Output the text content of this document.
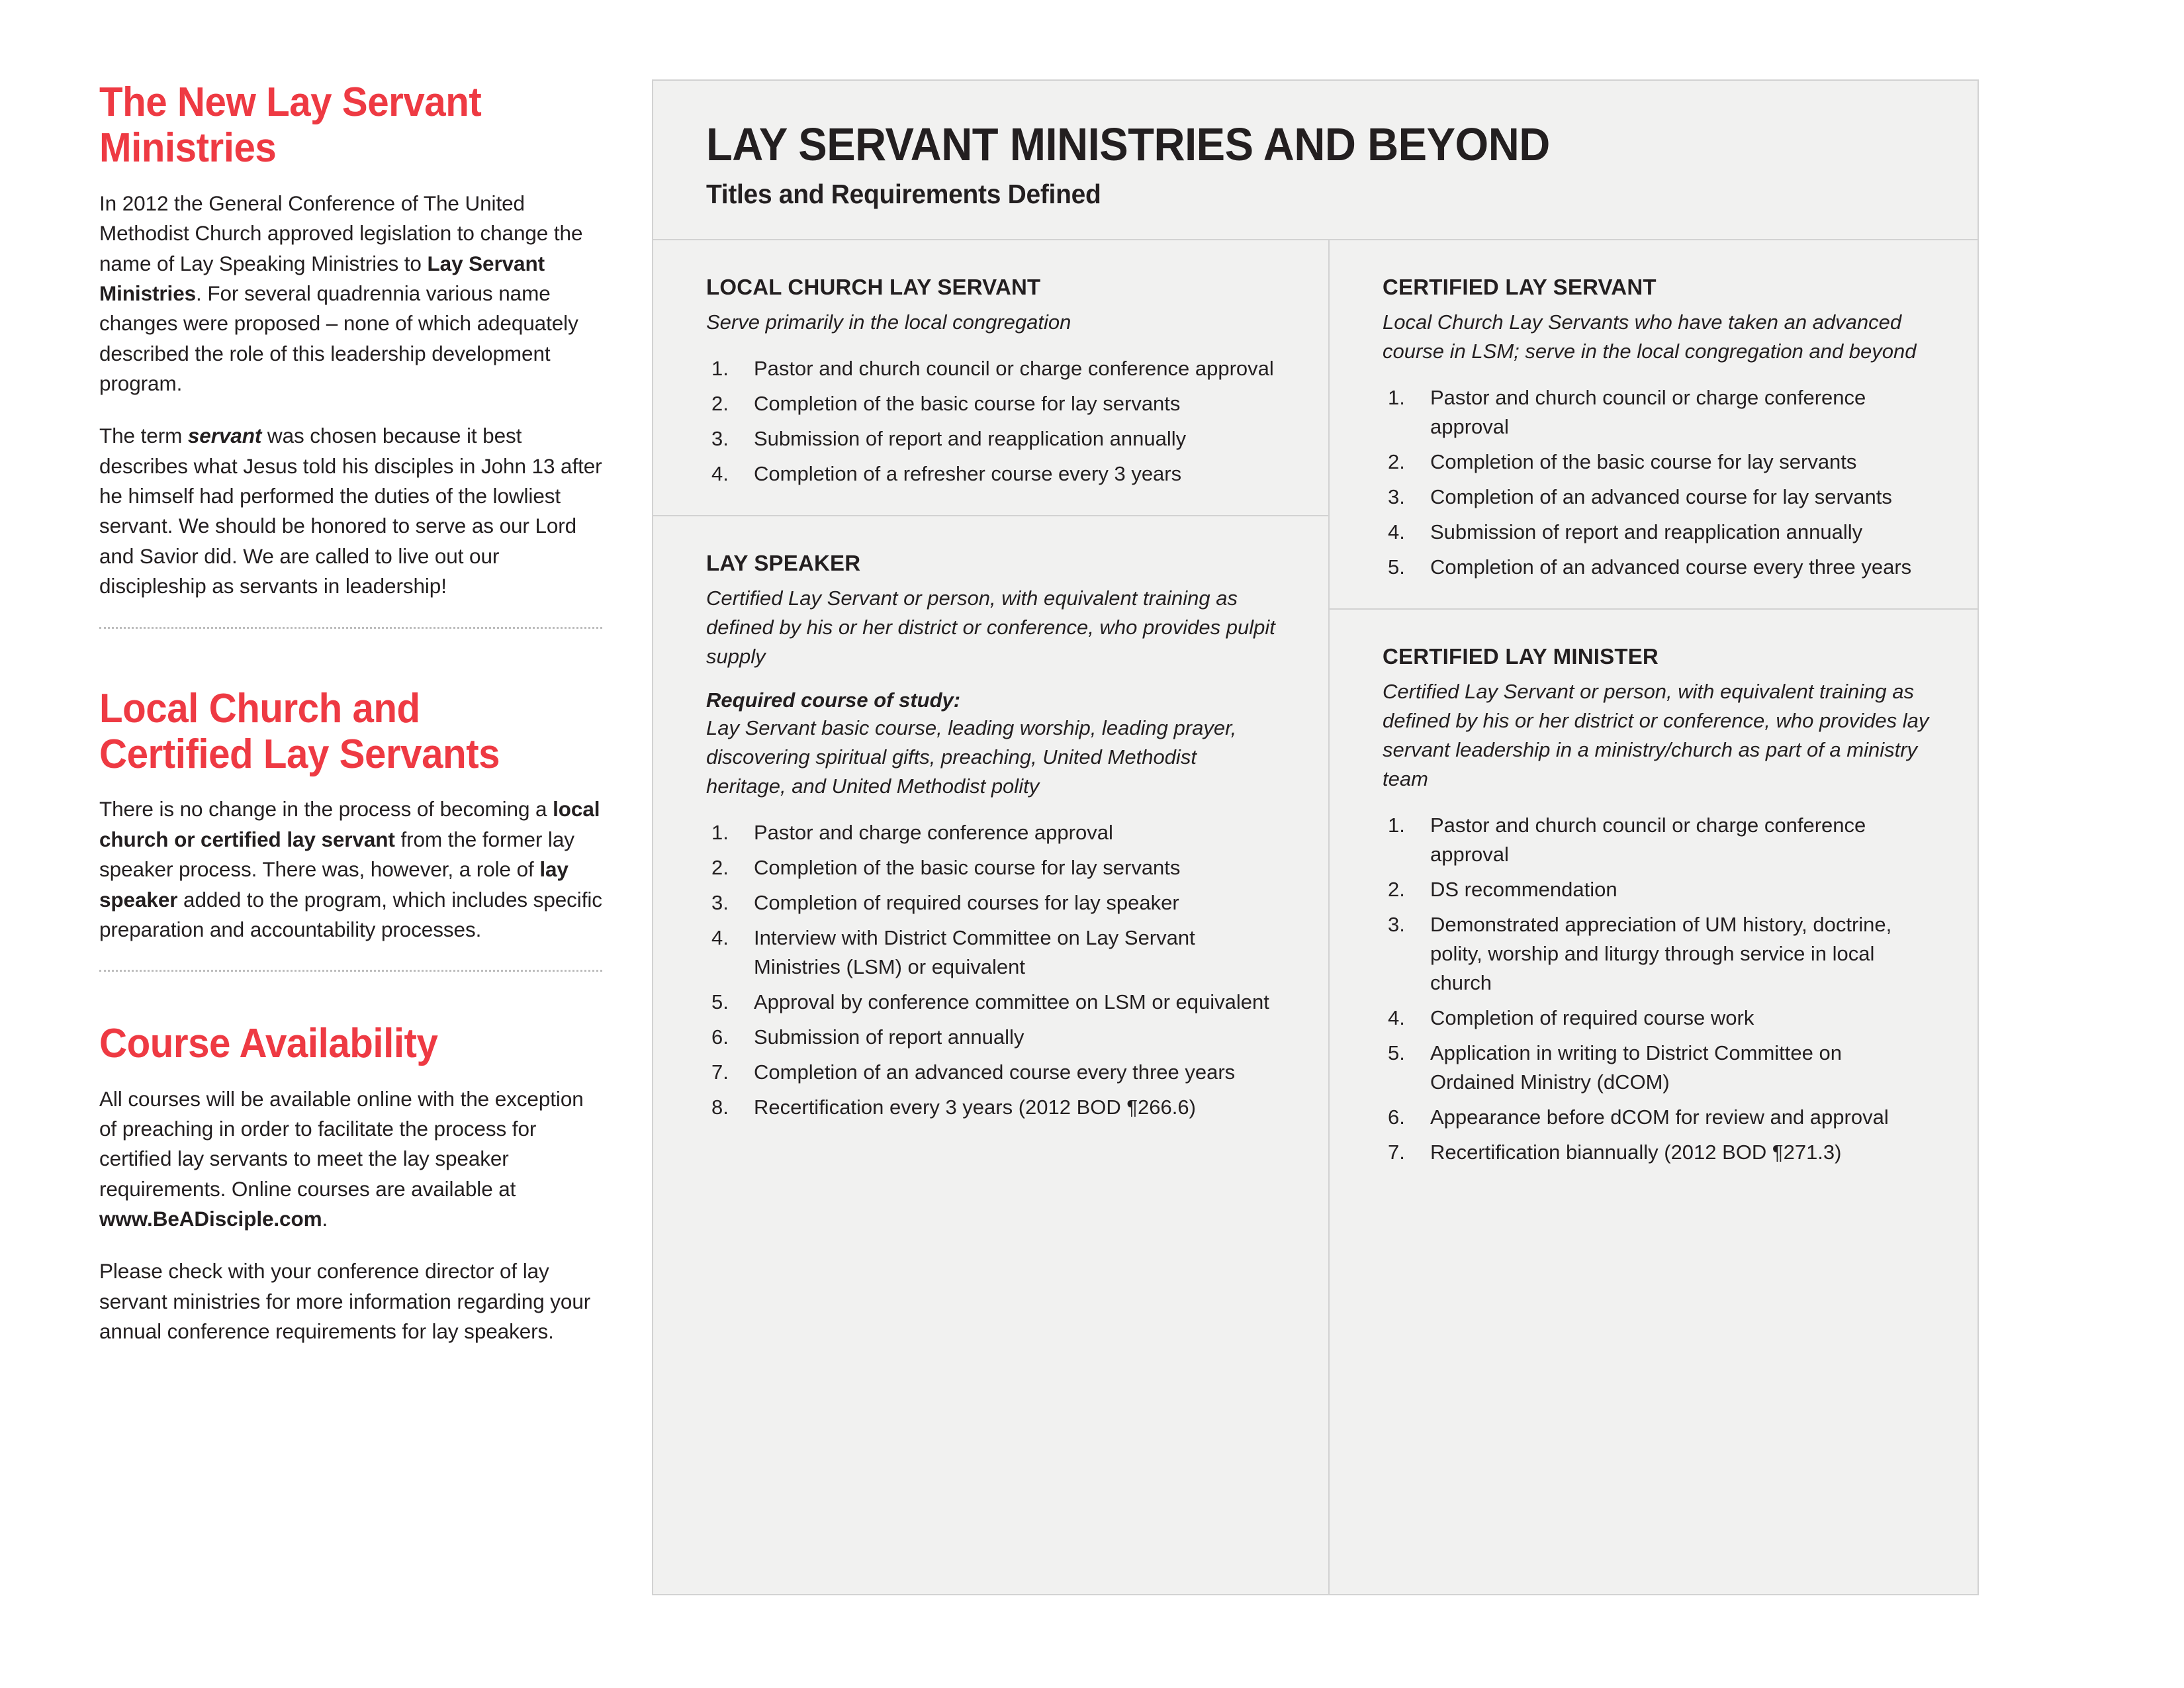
The New Lay Servant Ministries

In 2012 the General Conference of The United Methodist Church approved legislation to change the name of Lay Speaking Ministries to Lay Servant Ministries. For several quadrennia various name changes were proposed – none of which adequately described the role of this leadership development program.

The term servant was chosen because it best describes what Jesus told his disciples in John 13 after he himself had performed the duties of the lowliest servant. We should be honored to serve as our Lord and Savior did. We are called to live out our discipleship as servants in leadership!

Local Church and Certified Lay Servants

There is no change in the process of becoming a local church or certified lay servant from the former lay speaker process. There was, however, a role of lay speaker added to the program, which includes specific preparation and accountability processes.

Course Availability

All courses will be available online with the exception of preaching in order to facilitate the process for certified lay servants to meet the lay speaker requirements. Online courses are available at www.BeADisciple.com.

Please check with your conference director of lay servant ministries for more information regarding your annual conference requirements for lay speakers.

LAY SERVANT MINISTRIES AND BEYOND
Titles and Requirements Defined
LOCAL CHURCH LAY SERVANT
Serve primarily in the local congregation
Pastor and church council or charge conference approval
Completion of the basic course for lay servants
Submission of report and reapplication annually
Completion of a refresher course every 3 years
LAY SPEAKER
Certified Lay Servant or person, with equivalent training as defined by his or her district or conference, who provides pulpit supply
Required course of study:
Lay Servant basic course, leading worship, leading prayer, discovering spiritual gifts, preaching, United Methodist heritage, and United Methodist polity
Pastor and charge conference approval
Completion of the basic course for lay servants
Completion of required courses for lay speaker
Interview with District Committee on Lay Servant Ministries (LSM) or equivalent
Approval by conference committee on LSM or equivalent
Submission of report annually
Completion of an advanced course every three years
Recertification every 3 years (2012 BOD ¶266.6)
CERTIFIED LAY SERVANT
Local Church Lay Servants who have taken an advanced course in LSM; serve in the local congregation and beyond
Pastor and church council or charge conference approval
Completion of the basic course for lay servants
Completion of an advanced course for lay servants
Submission of report and reapplication annually
Completion of an advanced course every three years
CERTIFIED LAY MINISTER
Certified Lay Servant or person, with equivalent training as defined by his or her district or conference, who provides lay servant leadership in a ministry/church as part of a ministry team
Pastor and church council or charge conference approval
DS recommendation
Demonstrated appreciation of UM history, doctrine, polity, worship and liturgy through service in local church
Completion of required course work
Application in writing to District Committee on Ordained Ministry (dCOM)
Appearance before dCOM for review and approval
Recertification biannually (2012 BOD ¶271.3)
